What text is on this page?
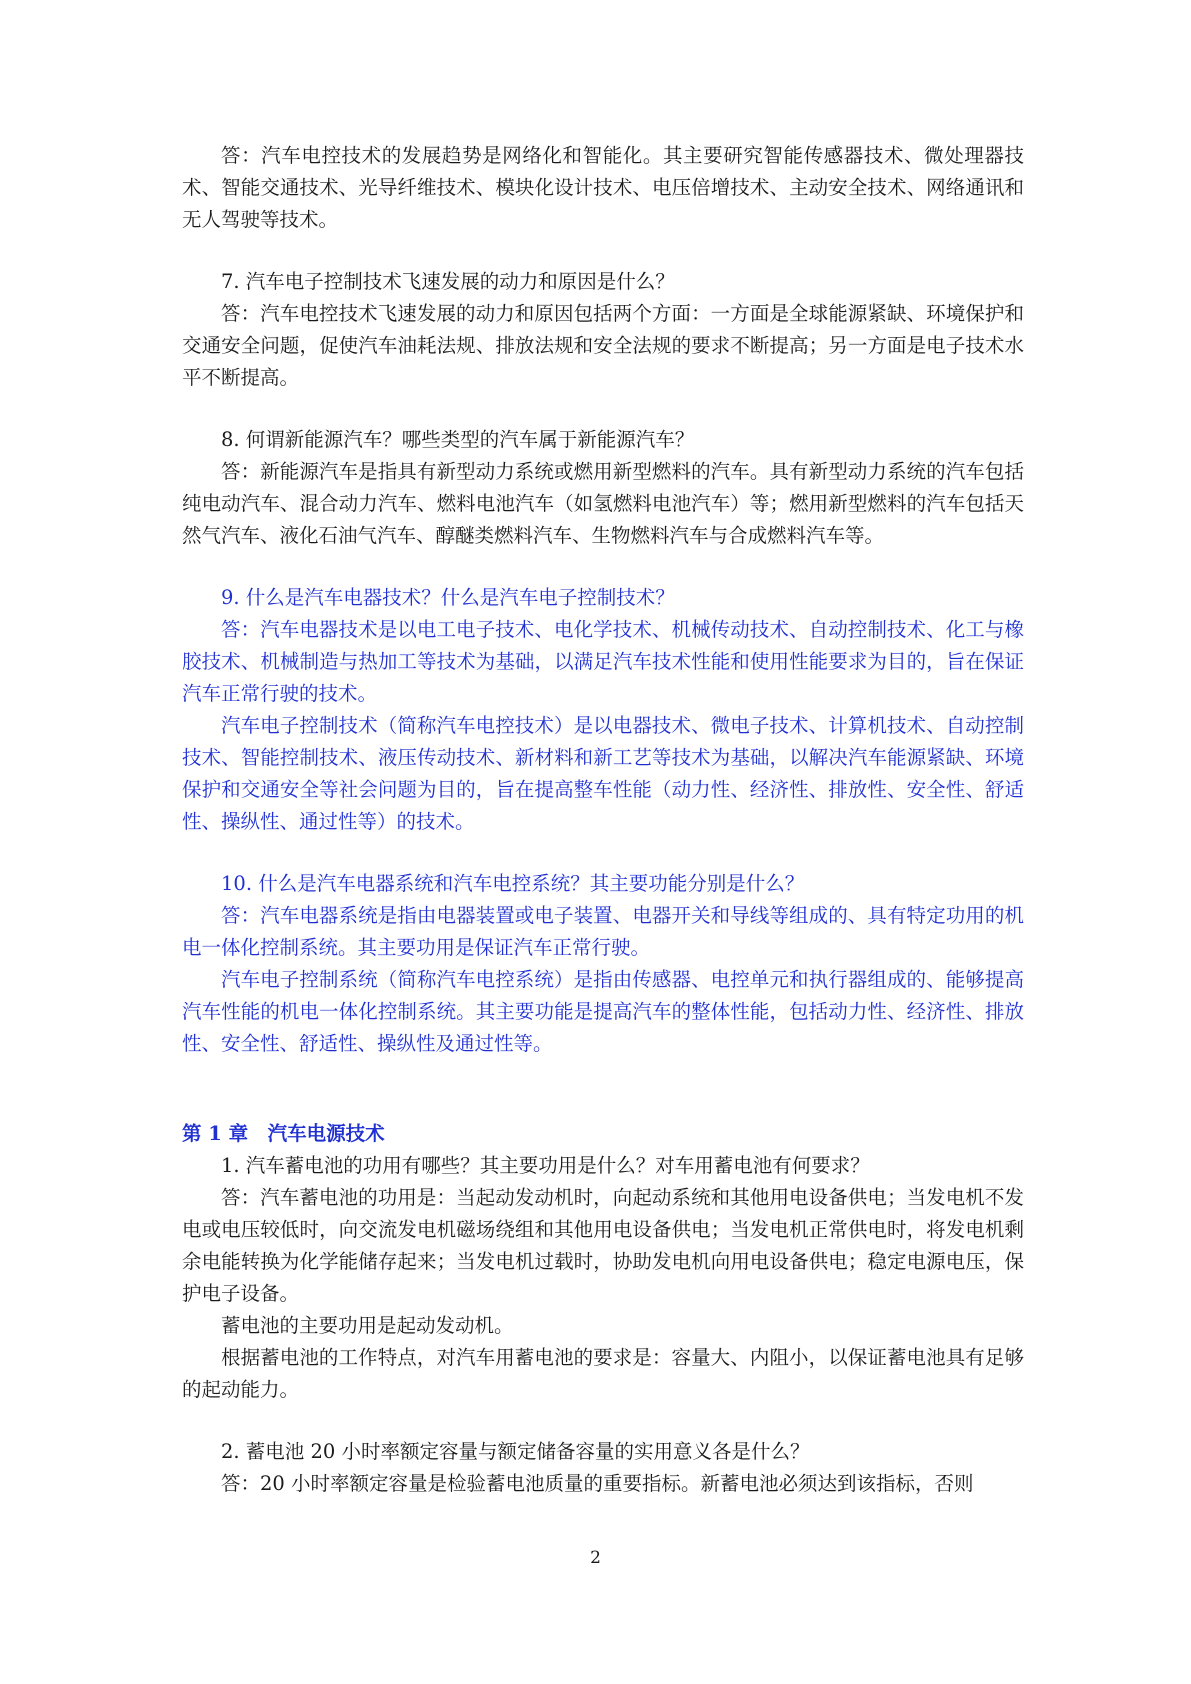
答：汽车电控技术的发展趋势是网络化和智能化。其主要研究智能传感器技术、微处理器技术、智能交通技术、光导纤维技术、模块化设计技术、电压倍增技术、主动安全技术、网络通讯和无人驾驶等技术。

7. 汽车电子控制技术飞速发展的动力和原因是什么？

答：汽车电控技术飞速发展的动力和原因包括两个方面：一方面是全球能源紧缺、环境保护和交通安全问题，促使汽车油耗法规、排放法规和安全法规的要求不断提高；另一方面是电子技术水平不断提高。

8. 何谓新能源汽车？哪些类型的汽车属于新能源汽车？

答：新能源汽车是指具有新型动力系统或燃用新型燃料的汽车。具有新型动力系统的汽车包括纯电动汽车、混合动力汽车、燃料电池汽车（如氢燃料电池汽车）等；燃用新型燃料的汽车包括天然气汽车、液化石油气汽车、醇醚类燃料汽车、生物燃料汽车与合成燃料汽车等。

9. 什么是汽车电器技术？什么是汽车电子控制技术？

答：汽车电器技术是以电工电子技术、电化学技术、机械传动技术、自动控制技术、化工与橡胶技术、机械制造与热加工等技术为基础，以满足汽车技术性能和使用性能要求为目的，旨在保证汽车正常行驶的技术。

汽车电子控制技术（简称汽车电控技术）是以电器技术、微电子技术、计算机技术、自动控制技术、智能控制技术、液压传动技术、新材料和新工艺等技术为基础，以解决汽车能源紧缺、环境保护和交通安全等社会问题为目的，旨在提高整车性能（动力性、经济性、排放性、安全性、舒适性、操纵性、通过性等）的技术。

10. 什么是汽车电器系统和汽车电控系统？其主要功能分别是什么？

答：汽车电器系统是指由电器装置或电子装置、电器开关和导线等组成的、具有特定功用的机电一体化控制系统。其主要功用是保证汽车正常行驶。

汽车电子控制系统（简称汽车电控系统）是指由传感器、电控单元和执行器组成的、能够提高汽车性能的机电一体化控制系统。其主要功能是提高汽车的整体性能，包括动力性、经济性、排放性、安全性、舒适性、操纵性及通过性等。

第 1 章　汽车电源技术

1. 汽车蓄电池的功用有哪些？其主要功用是什么？对车用蓄电池有何要求？

答：汽车蓄电池的功用是：当起动发动机时，向起动系统和其他用电设备供电；当发电机不发电或电压较低时，向交流发电机磁场绕组和其他用电设备供电；当发电机正常供电时，将发电机剩余电能转换为化学能储存起来；当发电机过载时，协助发电机向用电设备供电；稳定电源电压，保护电子设备。

蓄电池的主要功用是起动发动机。

根据蓄电池的工作特点，对汽车用蓄电池的要求是：容量大、内阻小，以保证蓄电池具有足够的起动能力。

2. 蓄电池 20 小时率额定容量与额定储备容量的实用意义各是什么？

答：20 小时率额定容量是检验蓄电池质量的重要指标。新蓄电池必须达到该指标，否则

2
